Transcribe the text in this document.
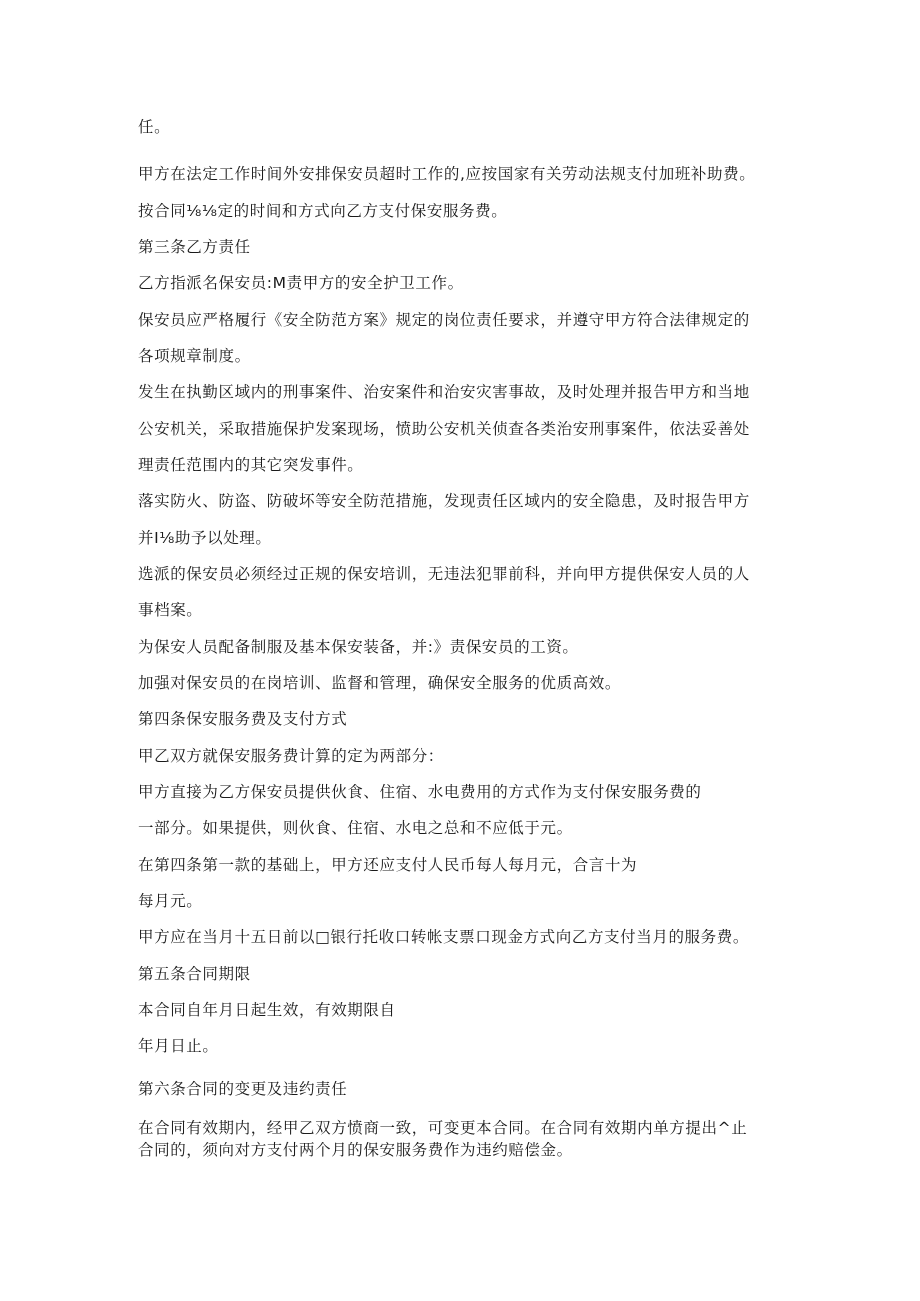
任。
甲方在法定工作时间外安排保安员超时工作的,应按国家有关劳动法规支付加班补助费。
按合同⅛⅛定的时间和方式向乙方支付保安服务费。
第三条乙方责任
乙方指派名保安员:M责甲方的安全护卫工作。
保安员应严格履行《安全防范方案》规定的岗位责任要求，并遵守甲方符合法律规定的
各项规章制度。
发生在执勤区域内的刑事案件、治安案件和治安灾害事故，及时处理并报告甲方和当地
公安机关，采取措施保护发案现场，愤助公安机关侦查各类治安刑事案件，依法妥善处
理责任范围内的其它突发事件。
落实防火、防盗、防破坏等安全防范措施，发现责任区域内的安全隐患，及时报告甲方
并I⅛助予以处理。
选派的保安员必须经过正规的保安培训，无违法犯罪前科，并向甲方提供保安人员的人
事档案。
为保安人员配备制服及基本保安装备，并:》责保安员的工资。
加强对保安员的在岗培训、监督和管理，确保安全服务的优质高效。
第四条保安服务费及支付方式
甲乙双方就保安服务费计算的定为两部分：
甲方直接为乙方保安员提供伙食、住宿、水电费用的方式作为支付保安服务费的
一部分。如果提供，则伙食、住宿、水电之总和不应低于元。
在第四条第一款的基础上，甲方还应支付人民币每人每月元，合言十为
每月元。
甲方应在当月十五日前以□银行托收口转帐支票口现金方式向乙方支付当月的服务费。
第五条合同期限
本合同自年月日起生效，有效期限自
年月日止。
第六条合同的变更及违约责任
在合同有效期内，经甲乙双方愤商一致，可变更本合同。在合同有效期内单方提出^止
合同的，须向对方支付两个月的保安服务费作为违约赔偿金。
